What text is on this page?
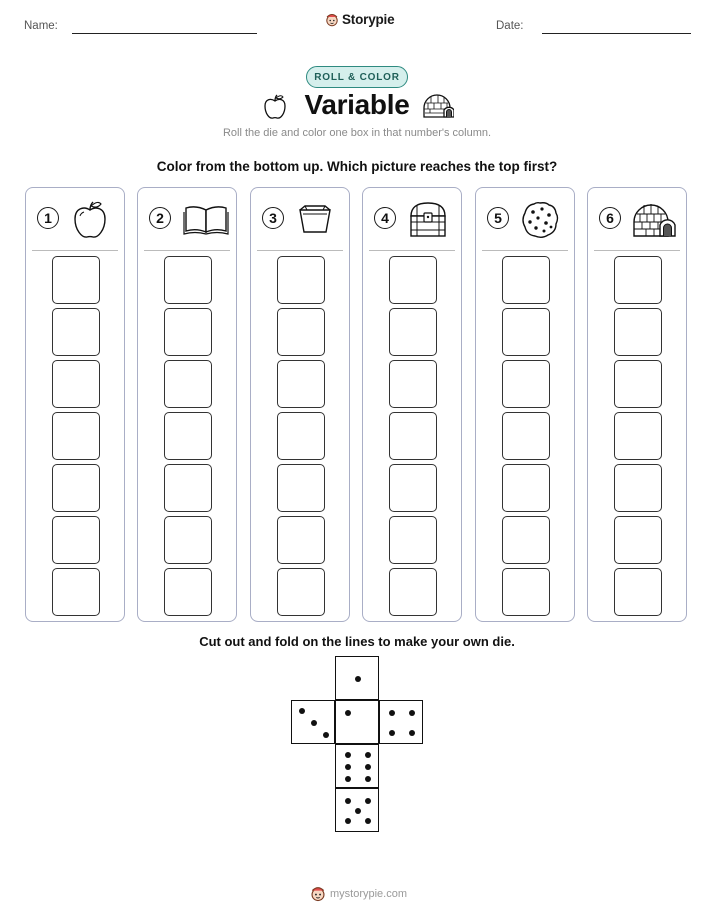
Name:	Storypie	Date:
ROLL & COLOR
Variable
Roll the die and color one box in that number's column.
Color from the bottom up. Which picture reaches the top first?
1	2	3	4	5	6
Cut out and fold on the lines to make your own die.
mystorypie.com
